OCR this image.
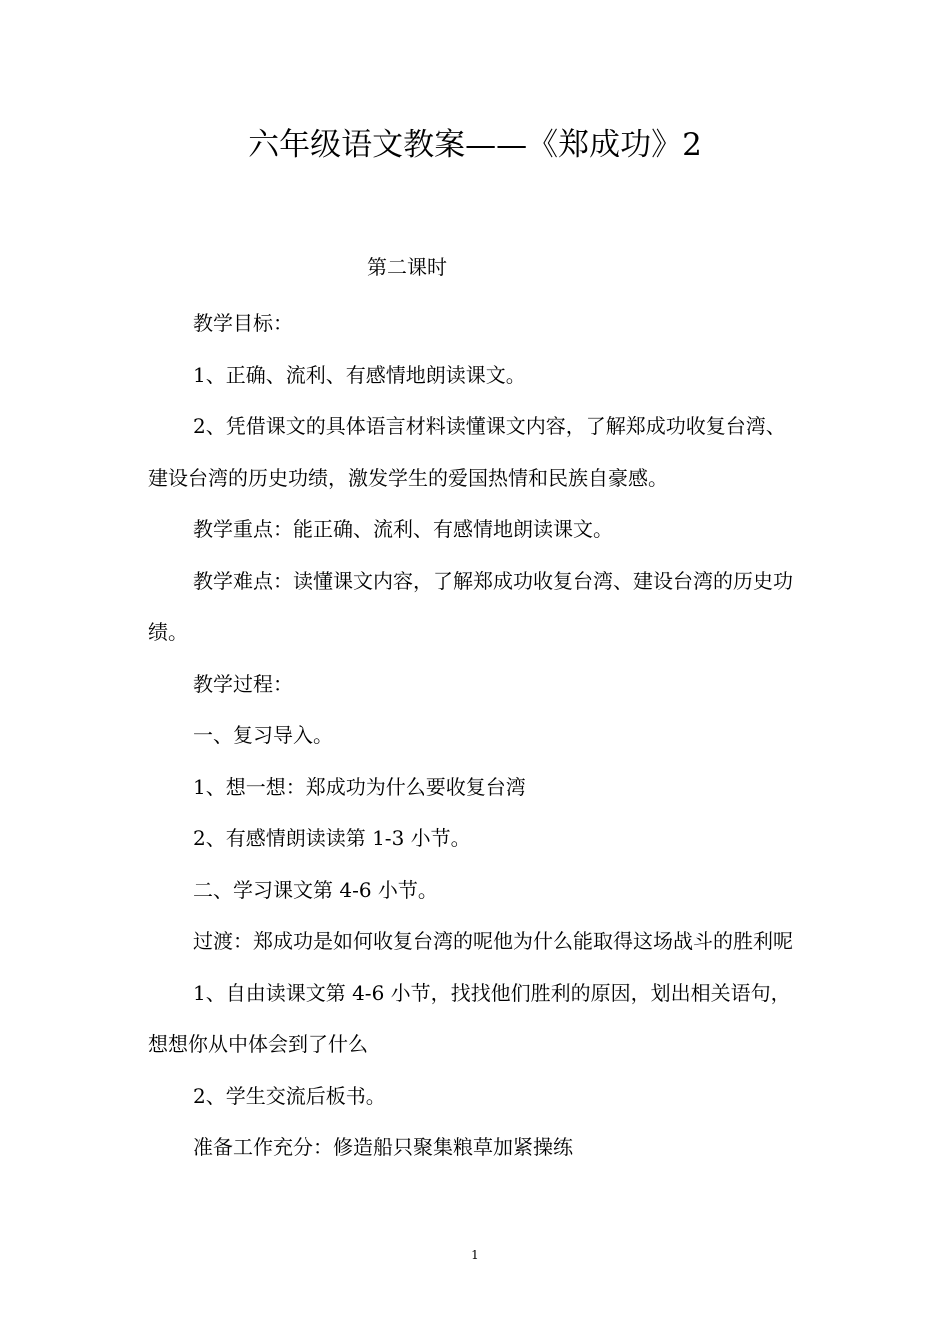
六年级语文教案——《郑成功》2
第二课时

教学目标：

1、正确、流利、有感情地朗读课文。

2、凭借课文的具体语言材料读懂课文内容，了解郑成功收复台湾、建设台湾的历史功绩，激发学生的爱国热情和民族自豪感。

教学重点：能正确、流利、有感情地朗读课文。

教学难点：读懂课文内容，了解郑成功收复台湾、建设台湾的历史功绩。

教学过程：

一、复习导入。

1、想一想：郑成功为什么要收复台湾

2、有感情朗读读第 1-3 小节。

二、学习课文第 4-6 小节。

过渡：郑成功是如何收复台湾的呢他为什么能取得这场战斗的胜利呢

1、自由读课文第 4-6 小节，找找他们胜利的原因，划出相关语句，想想你从中体会到了什么

2、学生交流后板书。

准备工作充分：修造船只聚集粮草加紧操练

1
